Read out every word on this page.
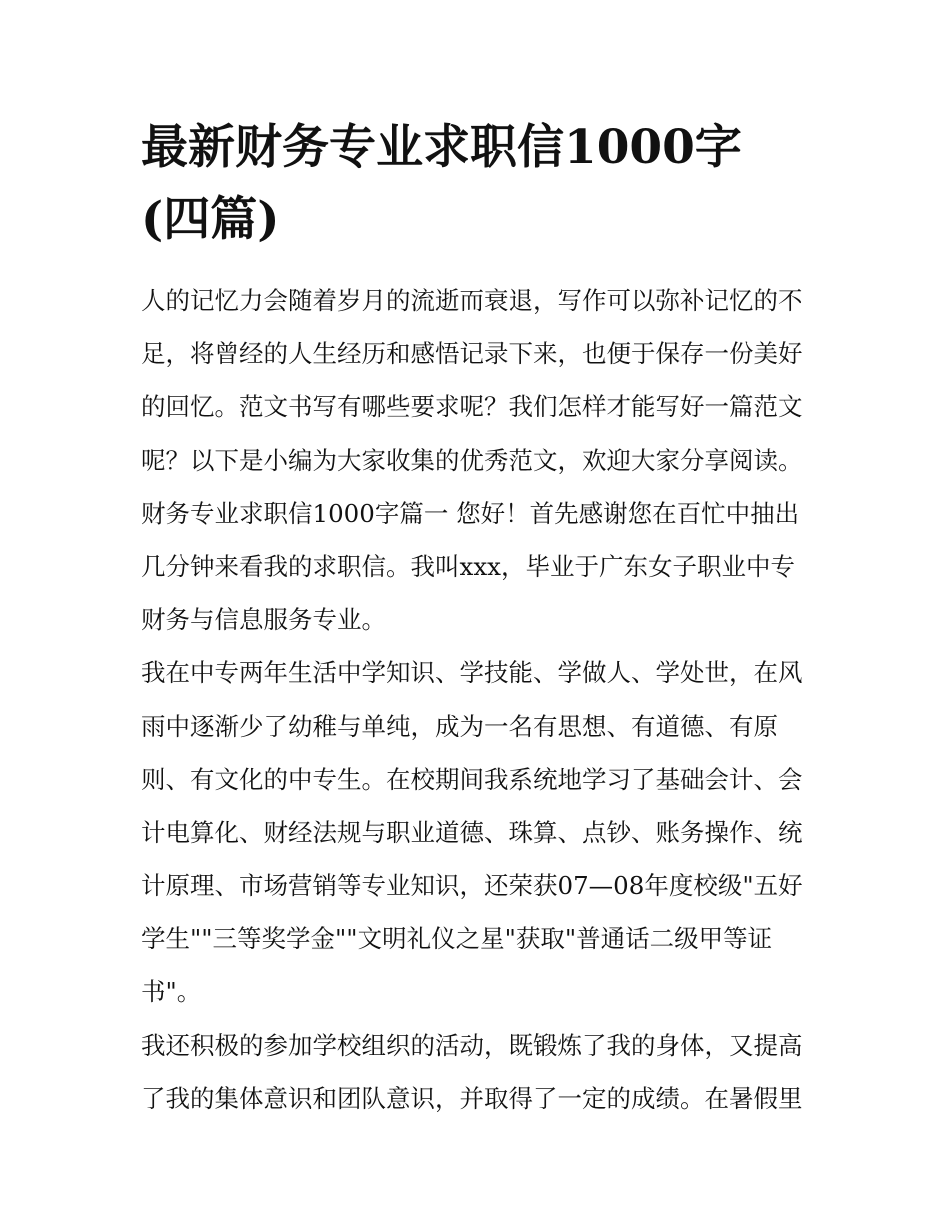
最新财务专业求职信1000字
(四篇)
人的记忆力会随着岁月的流逝而衰退，写作可以弥补记忆的不
足，将曾经的人生经历和感悟记录下来，也便于保存一份美好
的回忆。范文书写有哪些要求呢？我们怎样才能写好一篇范文
呢？以下是小编为大家收集的优秀范文，欢迎大家分享阅读。
财务专业求职信1000字篇一 您好！首先感谢您在百忙中抽出
几分钟来看我的求职信。我叫xxx，毕业于广东女子职业中专
财务与信息服务专业。
我在中专两年生活中学知识、学技能、学做人、学处世，在风
雨中逐渐少了幼稚与单纯，成为一名有思想、有道德、有原
则、有文化的中专生。在校期间我系统地学习了基础会计、会
计电算化、财经法规与职业道德、珠算、点钞、账务操作、统
计原理、市场营销等专业知识，还荣获07—08年度校级"五好
学生""三等奖学金""文明礼仪之星"获取"普通话二级甲等证
书"。
我还积极的参加学校组织的活动，既锻炼了我的身体，又提高
了我的集体意识和团队意识，并取得了一定的成绩。在暑假里
